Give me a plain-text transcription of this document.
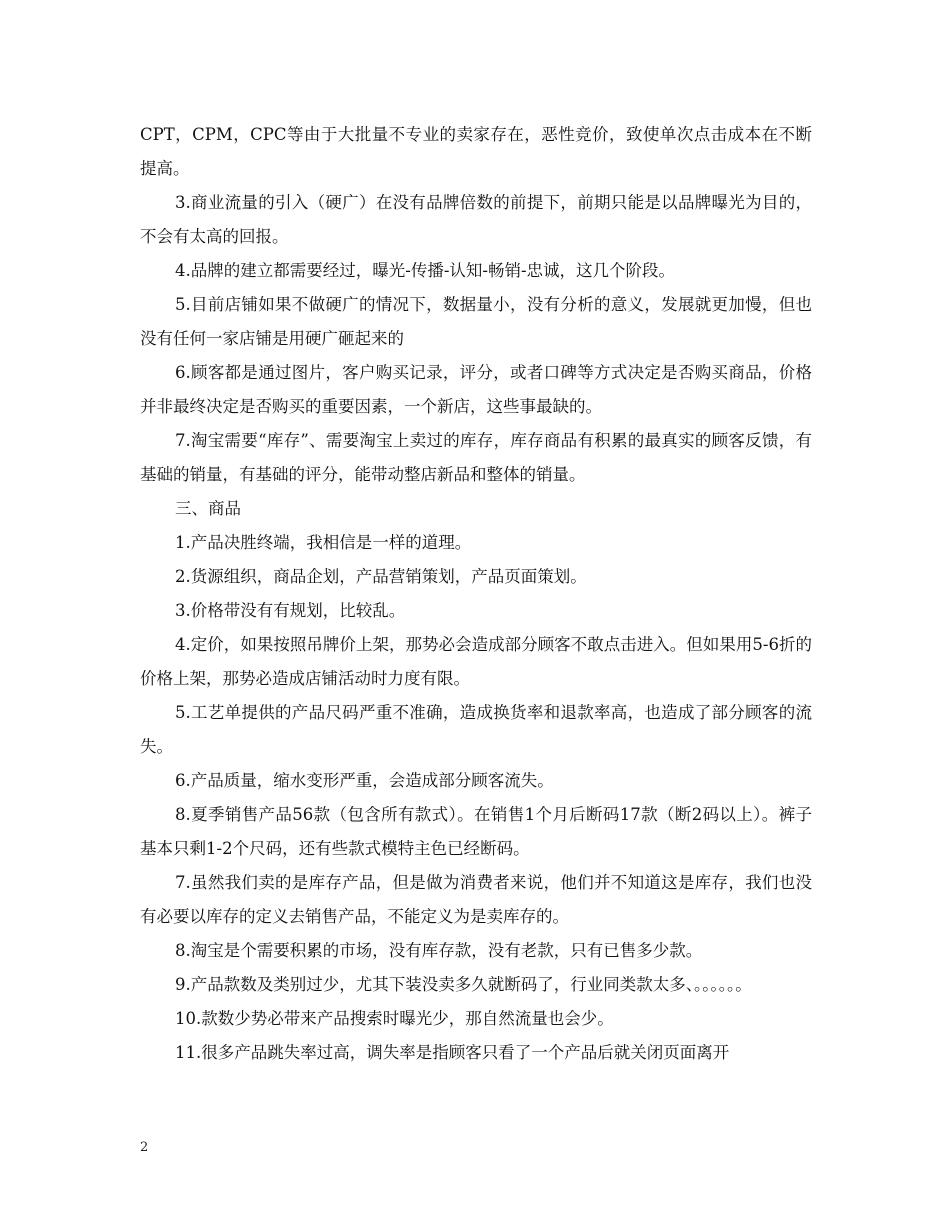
CPT，CPM，CPC等由于大批量不专业的卖家存在，恶性竞价，致使单次点击成本在不断提高。

3.商业流量的引入（硬广）在没有品牌倍数的前提下，前期只能是以品牌曝光为目的，不会有太高的回报。

4.品牌的建立都需要经过，曝光-传播-认知-畅销-忠诚，这几个阶段。

5.目前店铺如果不做硬广的情况下，数据量小，没有分析的意义，发展就更加慢，但也没有任何一家店铺是用硬广砸起来的

6.顾客都是通过图片，客户购买记录，评分，或者口碑等方式决定是否购买商品，价格并非最终决定是否购买的重要因素，一个新店，这些事最缺的。

7.淘宝需要“库存”、需要淘宝上卖过的库存，库存商品有积累的最真实的顾客反馈，有基础的销量，有基础的评分，能带动整店新品和整体的销量。

三、商品

1.产品决胜终端，我相信是一样的道理。

2.货源组织，商品企划，产品营销策划，产品页面策划。

3.价格带没有有规划，比较乱。

4.定价，如果按照吊牌价上架，那势必会造成部分顾客不敢点击进入。但如果用5-6折的价格上架，那势必造成店铺活动时力度有限。

5.工艺单提供的产品尺码严重不准确，造成换货率和退款率高，也造成了部分顾客的流失。

6.产品质量，缩水变形严重，会造成部分顾客流失。

8.夏季销售产品56款（包含所有款式）。在销售1个月后断码17款（断2码以上）。裤子基本只剩1-2个尺码，还有些款式模特主色已经断码。

7.虽然我们卖的是库存产品，但是做为消费者来说，他们并不知道这是库存，我们也没有必要以库存的定义去销售产品，不能定义为是卖库存的。

8.淘宝是个需要积累的市场，没有库存款，没有老款，只有已售多少款。

9.产品款数及类别过少，尤其下装没卖多久就断码了，行业同类款太多、。。。。。。

10.款数少势必带来产品搜索时曝光少，那自然流量也会少。

11.很多产品跳失率过高，调失率是指顾客只看了一个产品后就关闭页面离开

2
